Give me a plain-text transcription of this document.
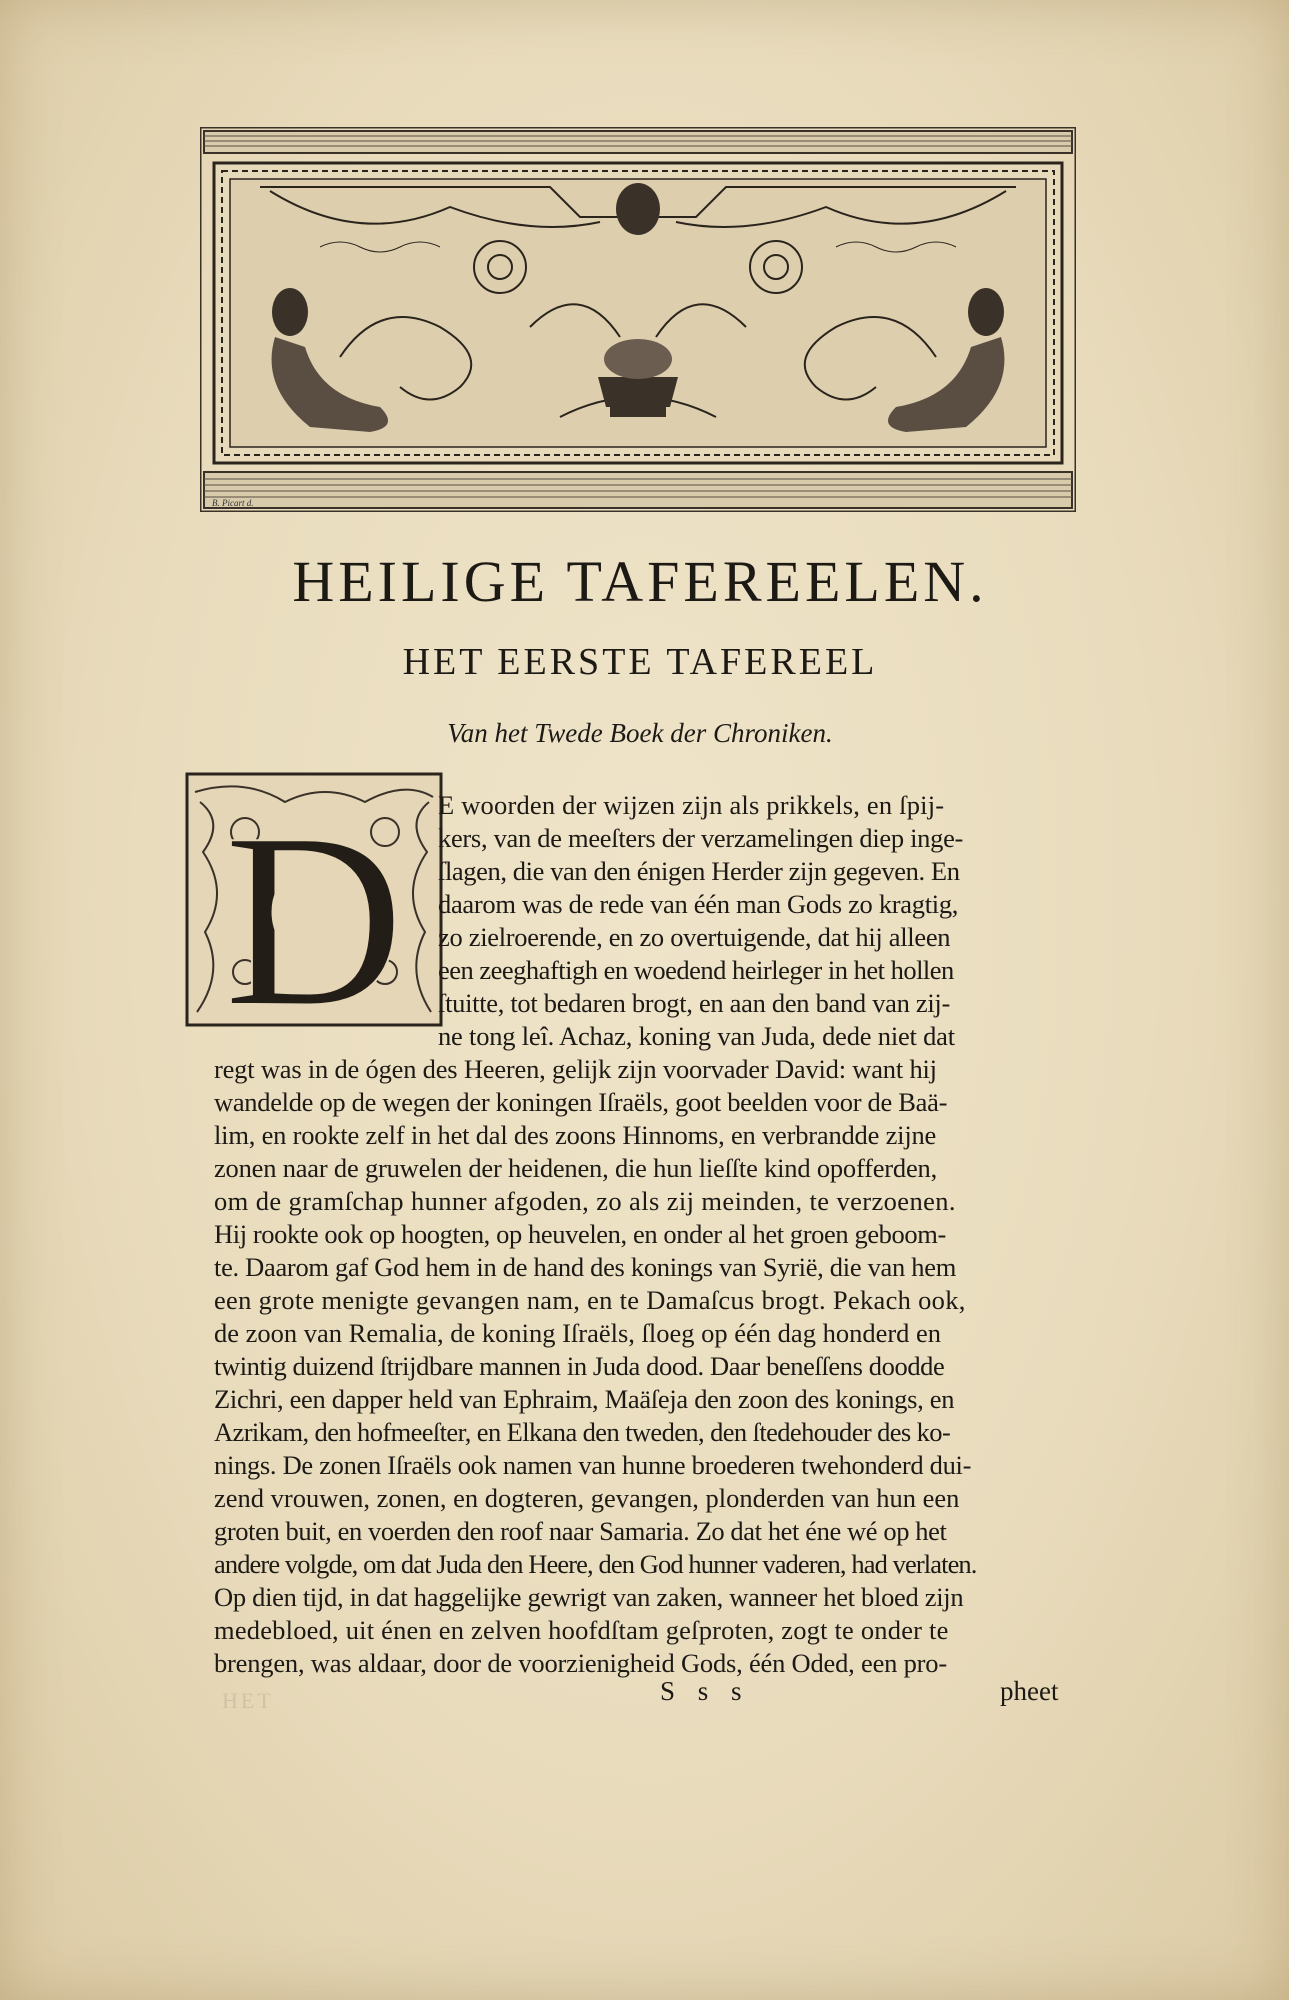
B. Picart d.
HEILIGE TAFEREELEN.
HET EERSTE TAFEREEL
Van het Twede Boek der Chroniken.
D E woorden der wijzen zijn als prikkels, en ſpij-
kers, van de meeſters der verzamelingen diep inge-
ſlagen, die van den énigen Herder zijn gegeven. En
daarom was de rede van één man Gods zo kragtig,
zo zielroerende, en zo overtuigende, dat hij alleen
een zeeghaftigh en woedend heirleger in het hollen
ſtuitte, tot bedaren brogt, en aan den band van zij-
ne tong leî. Achaz, koning van Juda, dede niet dat
regt was in de ógen des Heeren, gelijk zijn voorvader David: want hij
wandelde op de wegen der koningen Iſraëls, goot beelden voor de Baä-
lim, en rookte zelf in het dal des zoons Hinnoms, en verbrandde zijne
zonen naar de gruwelen der heidenen, die hun lieſſte kind opofferden,
om de gramſchap hunner afgoden, zo als zij meinden, te verzoenen.
Hij rookte ook op hoogten, op heuvelen, en onder al het groen geboom-
te. Daarom gaf God hem in de hand des konings van Syrië, die van hem
een grote menigte gevangen nam, en te Damaſcus brogt. Pekach ook,
de zoon van Remalia, de koning Iſraëls, ſloeg op één dag honderd en
twintig duizend ſtrijdbare mannen in Juda dood. Daar beneſſens doodde
Zichri, een dapper held van Ephraim, Maäſeja den zoon des konings, en
Azrikam, den hofmeeſter, en Elkana den tweden, den ſtedehouder des ko-
nings. De zonen Iſraëls ook namen van hunne broederen twehonderd dui-
zend vrouwen, zonen, en dogteren, gevangen, plonderden van hun een
groten buit, en voerden den roof naar Samaria. Zo dat het éne wé op het
andere volgde, om dat Juda den Heere, den God hunner vaderen, had verlaten.
Op dien tijd, in dat haggelijke gewrigt van zaken, wanneer het bloed zijn
medebloed, uit énen en zelven hoofdſtam geſproten, zogt te onder te
brengen, was aldaar, door de voorzienigheid Gods, één Oded, een pro-
HET	S s s	pheet
